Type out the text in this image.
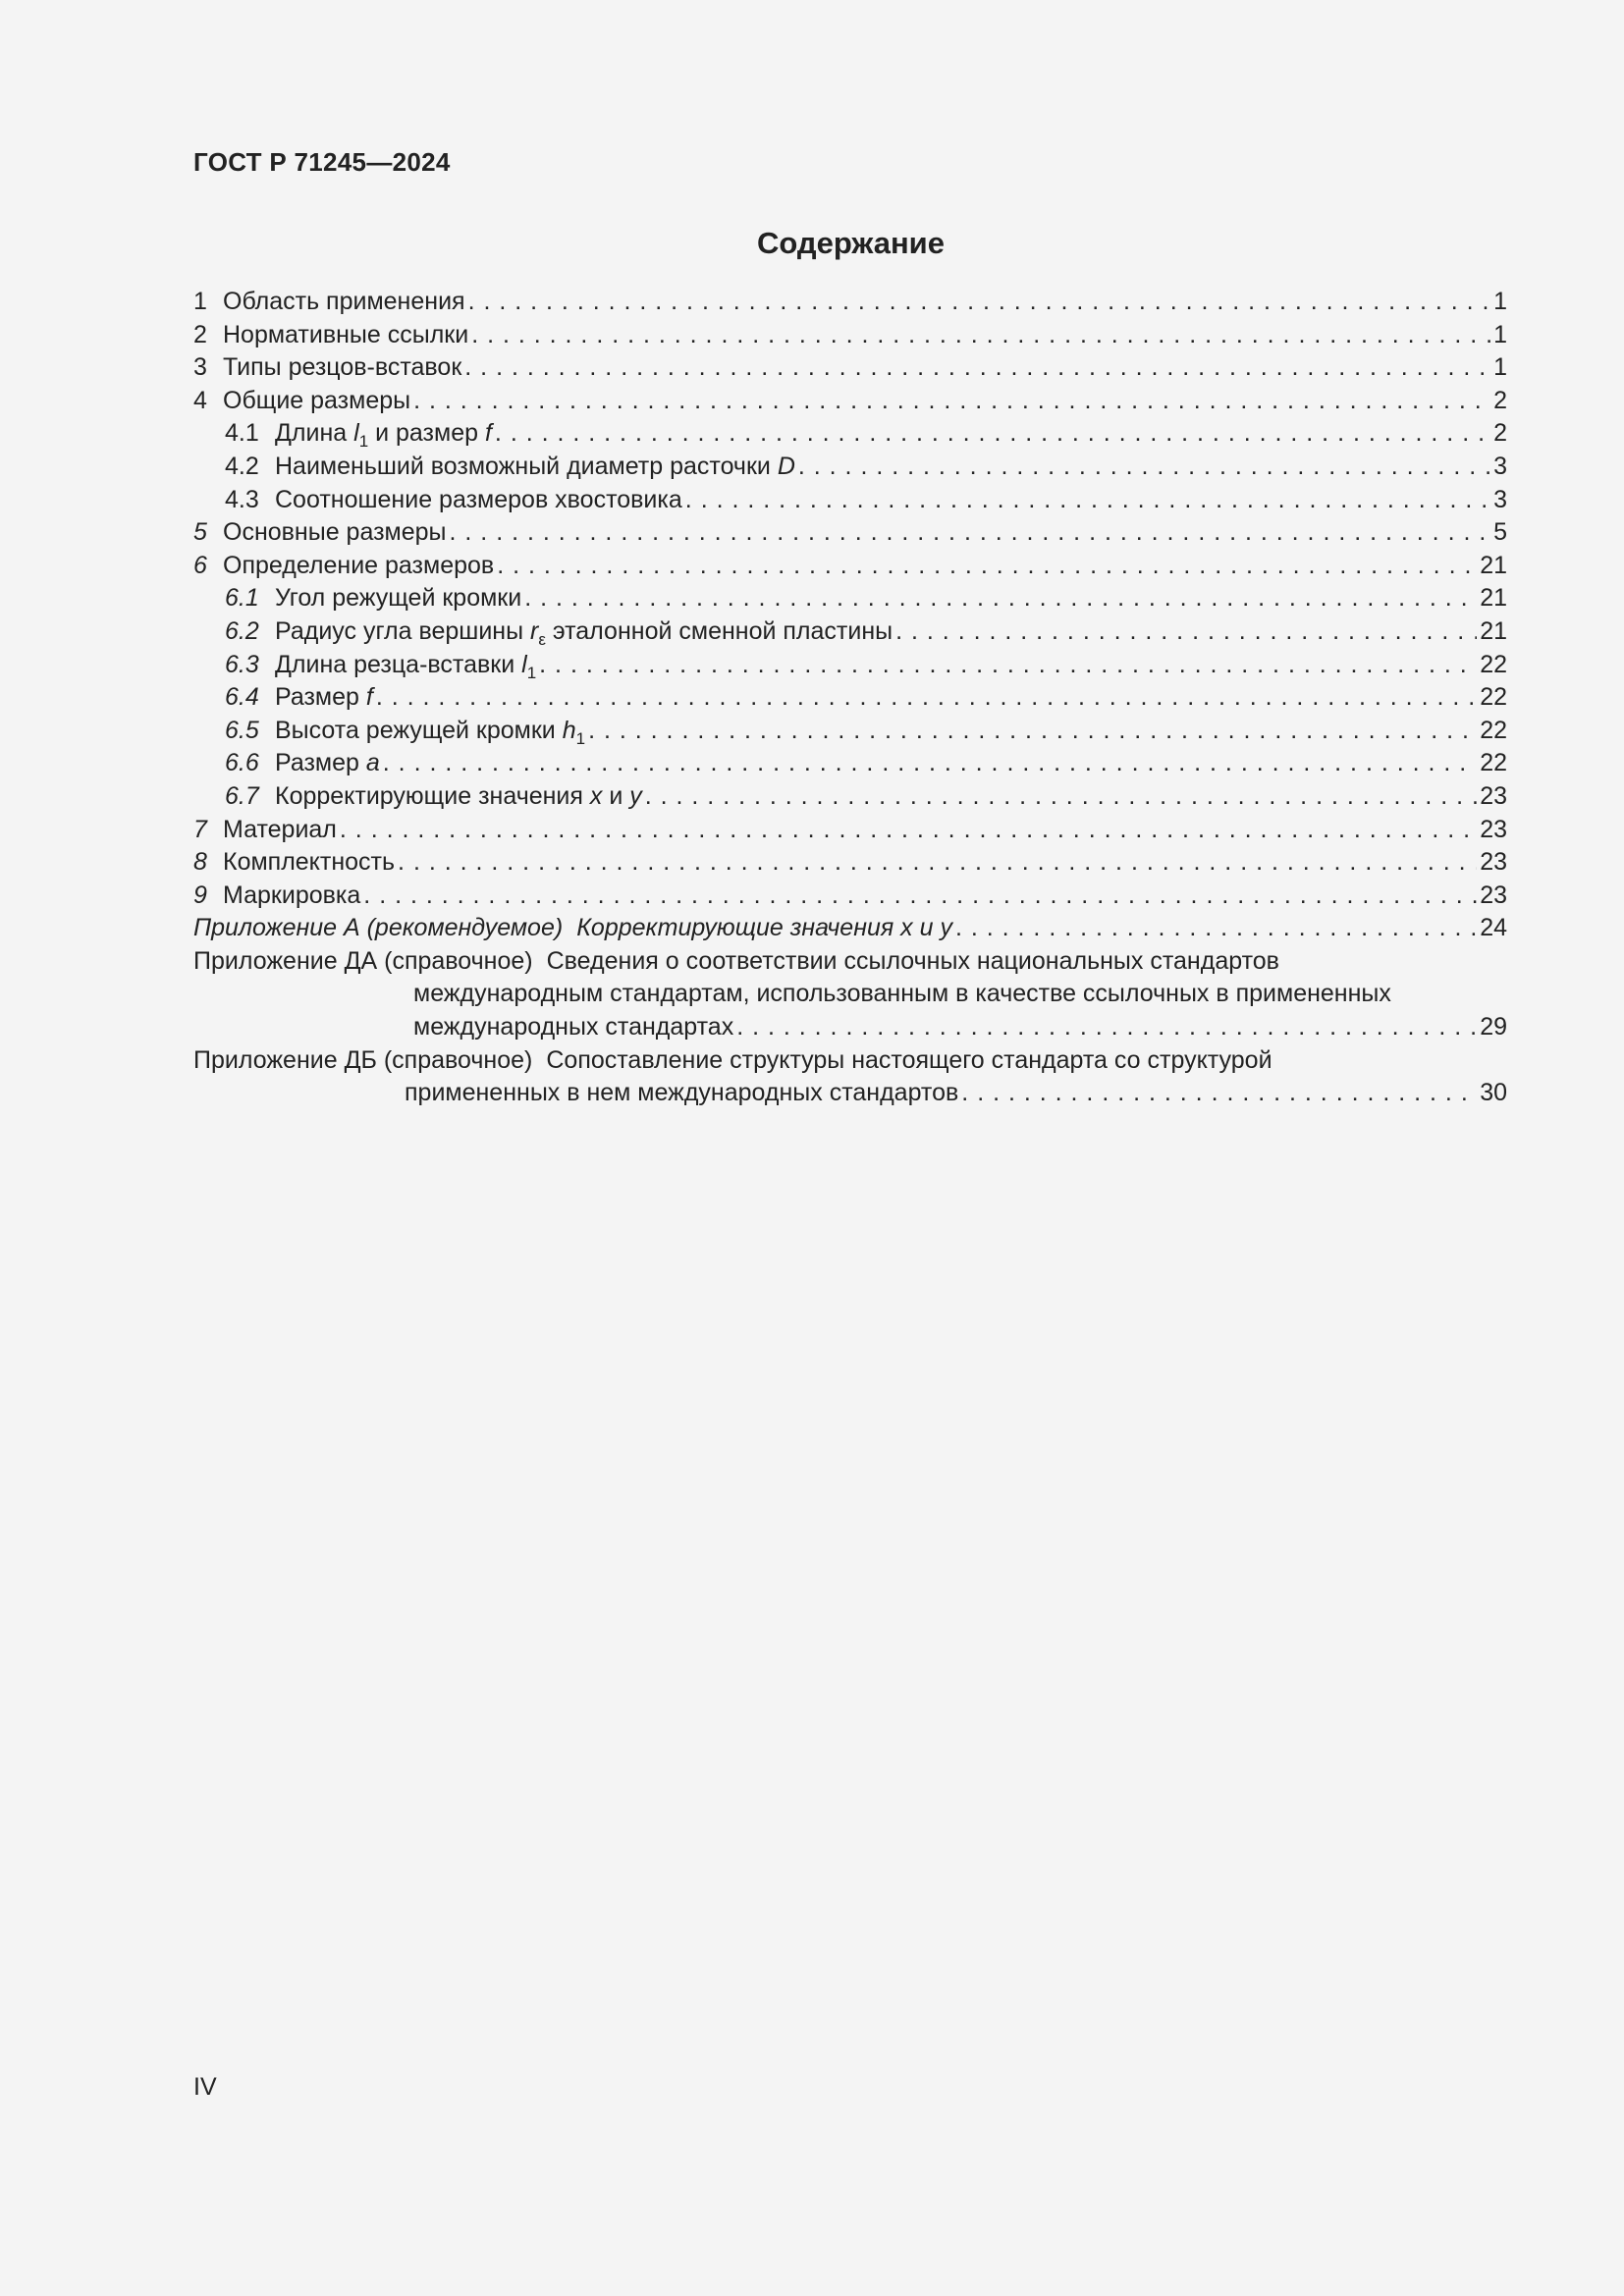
ГОСТ Р 71245—2024
Содержание
1 Область применения . . .	1
2 Нормативные ссылки . . .	1
3 Типы резцов-вставок . . .	1
4 Общие размеры . . .	2
4.1 Длина $l_1$ и размер f . . .	2
4.2 Наименьший возможный диаметр расточки D . . .	3
4.3 Соотношение размеров хвостовика . . .	3
5 Основные размеры . . .	5
6 Определение размеров . . .	21
6.1 Угол режущей кромки . . .	21
6.2 Радиус угла вершины $r_\varepsilon$ эталонной сменной пластины . . .	21
6.3 Длина резца-вставки $l_1$ . . .	22
6.4 Размер f . . .	22
6.5 Высота режущей кромки $h_1$ . . .	22
6.6 Размер a . . .	22
6.7 Корректирующие значения x и y . . .	23
7 Материал . . .	23
8 Комплектность . . .	23
9 Маркировка . . .	23
Приложение А (рекомендуемое) Корректирующие значения x и y . . .	24
Приложение ДА (справочное) Сведения о соответствии ссылочных национальных стандартов
международным стандартам, использованным в качестве ссылочных в примененных
международных стандартах . . .	29
Приложение ДБ (справочное) Сопоставление структуры настоящего стандарта со структурой
примененных в нем международных стандартов . . .	30
IV
